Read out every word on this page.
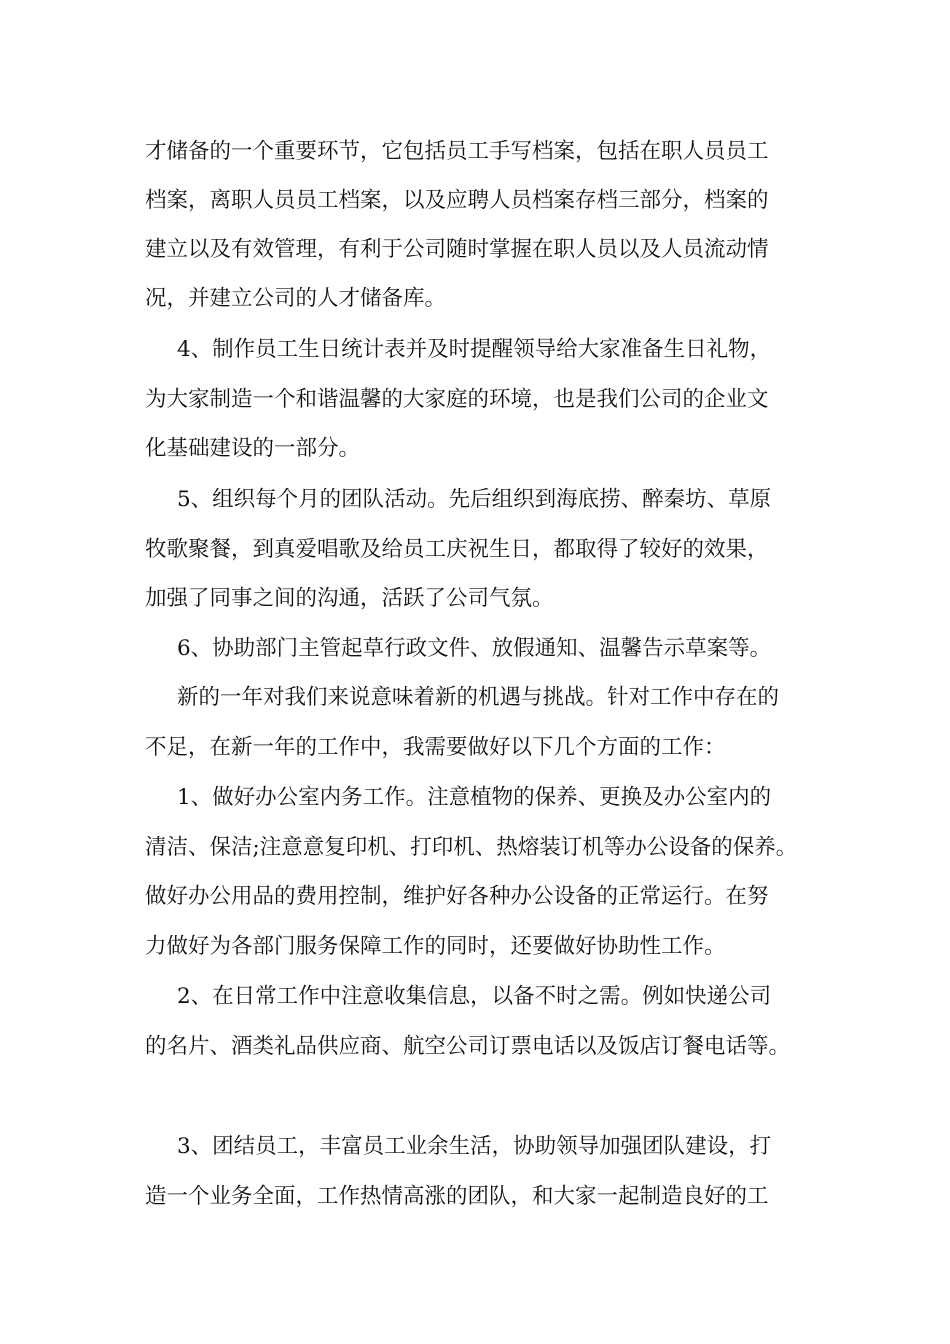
才储备的一个重要环节，它包括员工手写档案，包括在职人员员工
档案，离职人员员工档案，以及应聘人员档案存档三部分，档案的
建立以及有效管理，有利于公司随时掌握在职人员以及人员流动情
况，并建立公司的人才储备库。
4、制作员工生日统计表并及时提醒领导给大家准备生日礼物，
为大家制造一个和谐温馨的大家庭的环境，也是我们公司的企业文
化基础建设的一部分。
5、组织每个月的团队活动。先后组织到海底捞、醉秦坊、草原
牧歌聚餐，到真爱唱歌及给员工庆祝生日，都取得了较好的效果，
加强了同事之间的沟通，活跃了公司气氛。
6、协助部门主管起草行政文件、放假通知、温馨告示草案等。
新的一年对我们来说意味着新的机遇与挑战。针对工作中存在的
不足，在新一年的工作中，我需要做好以下几个方面的工作：
1、做好办公室内务工作。注意植物的保养、更换及办公室内的
清洁、保洁;注意意复印机、打印机、热熔装订机等办公设备的保养。
做好办公用品的费用控制，维护好各种办公设备的正常运行。在努
力做好为各部门服务保障工作的同时，还要做好协助性工作。
2、在日常工作中注意收集信息，以备不时之需。例如快递公司
的名片、酒类礼品供应商、航空公司订票电话以及饭店订餐电话等。
3、团结员工，丰富员工业余生活，协助领导加强团队建设，打
造一个业务全面，工作热情高涨的团队，和大家一起制造良好的工
